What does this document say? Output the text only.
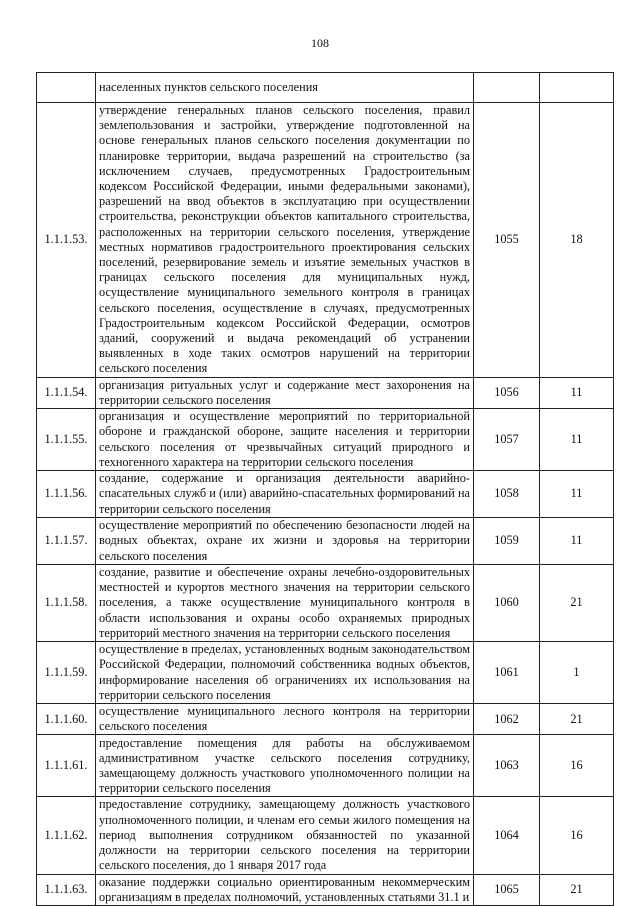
108
	населенных пунктов сельского поселения		
1.1.1.53.	утверждение генеральных планов сельского поселения, правил землепользования и застройки, утверждение подготовленной на основе генеральных планов сельского поселения документации по планировке территории, выдача разрешений на строительство (за исключением случаев, предусмотренных Градостроительным кодексом Российской Федерации, иными федеральными законами), разрешений на ввод объектов в эксплуатацию при осуществлении строительства, реконструкции объектов капитального строительства, расположенных на территории сельского поселения, утверждение местных нормативов градостроительного проектирования сельских поселений, резервирование земель и изъятие земельных участков в границах сельского поселения для муниципальных нужд, осуществление муниципального земельного контроля в границах сельского поселения, осуществление в случаях, предусмотренных Градостроительным кодексом Российской Федерации, осмотров зданий, сооружений и выдача рекомендаций об устранении выявленных в ходе таких осмотров нарушений на территории сельского поселения	1055	18
1.1.1.54.	организация ритуальных услуг и содержание мест захоронения на территории сельского поселения	1056	11
1.1.1.55.	организация и осуществление мероприятий по территориальной обороне и гражданской обороне, защите населения и территории сельского поселения от чрезвычайных ситуаций природного и техногенного характера на территории сельского поселения	1057	11
1.1.1.56.	создание, содержание и организация деятельности аварийно-спасательных служб и (или) аварийно-спасательных формирований на территории сельского поселения	1058	11
1.1.1.57.	осуществление мероприятий по обеспечению безопасности людей на водных объектах, охране их жизни и здоровья на территории сельского поселения	1059	11
1.1.1.58.	создание, развитие и обеспечение охраны лечебно-оздоровительных местностей и курортов местного значения на территории сельского поселения, а также осуществление муниципального контроля в области использования и охраны особо охраняемых природных территорий местного значения на территории сельского поселения	1060	21
1.1.1.59.	осуществление в пределах, установленных водным законодательством Российской Федерации, полномочий собственника водных объектов, информирование населения об ограничениях их использования на территории сельского поселения	1061	1
1.1.1.60.	осуществление муниципального лесного контроля на территории сельского поселения	1062	21
1.1.1.61.	предоставление помещения для работы на обслуживаемом административном участке сельского поселения сотруднику, замещающему должность участкового уполномоченного полиции на территории сельского поселения	1063	16
1.1.1.62.	предоставление сотруднику, замещающему должность участкового уполномоченного полиции, и членам его семьи жилого помещения на период выполнения сотрудником обязанностей по указанной должности на территории сельского поселения на территории сельского поселения, до 1 января 2017 года	1064	16
1.1.1.63.	оказание поддержки социально ориентированным некоммерческим организациям в пределах полномочий, установленных статьями 31.1 и	1065	21
